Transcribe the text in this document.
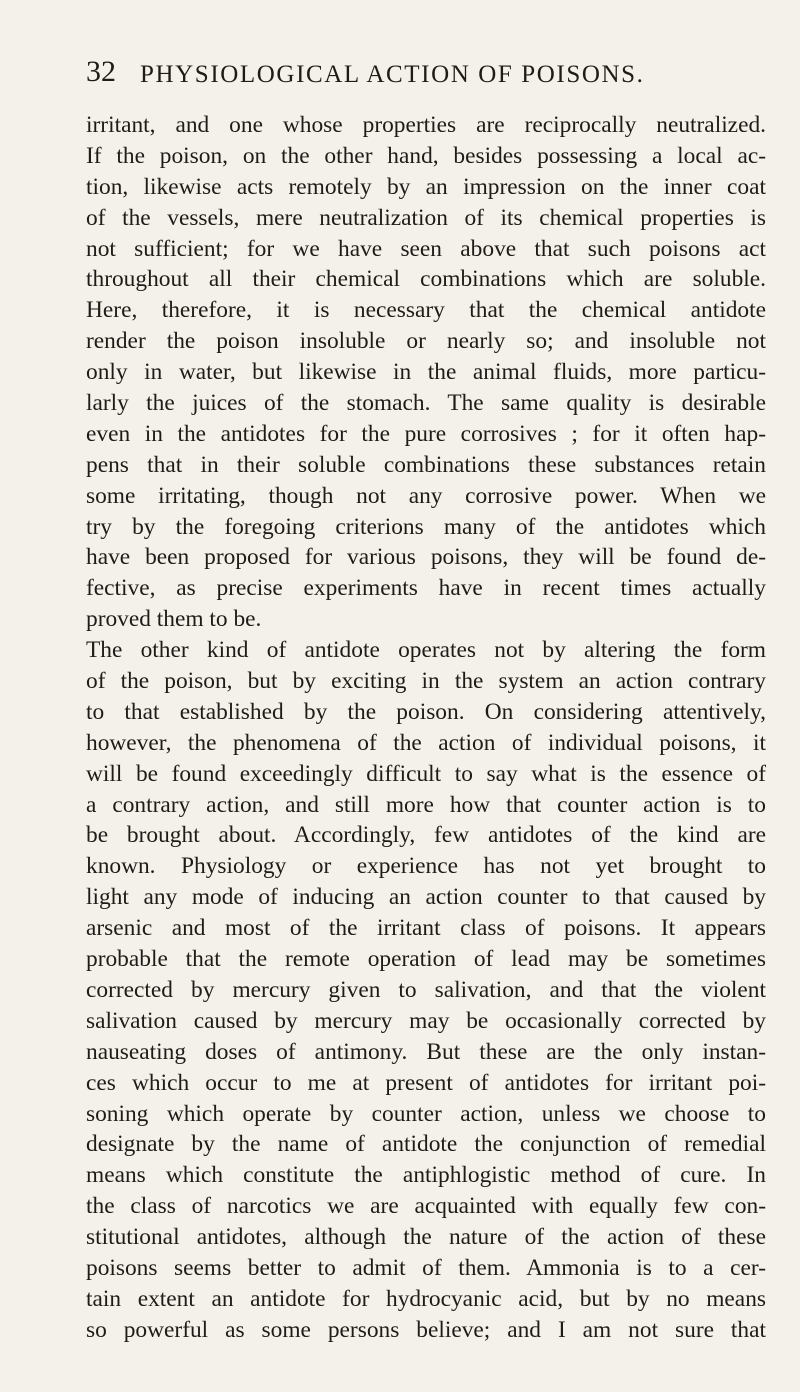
32 PHYSIOLOGICAL ACTION OF POISONS.
irritant, and one whose properties are reciprocally neutralized.
If the poison, on the other hand, besides possessing a local ac-
tion, likewise acts remotely by an impression on the inner coat
of the vessels, mere neutralization of its chemical properties is
not sufficient; for we have seen above that such poisons act
throughout all their chemical combinations which are soluble.
Here, therefore, it is necessary that the chemical antidote
render the poison insoluble or nearly so; and insoluble not
only in water, but likewise in the animal fluids, more particu-
larly the juices of the stomach. The same quality is desirable
even in the antidotes for the pure corrosives ; for it often hap-
pens that in their soluble combinations these substances retain
some irritating, though not any corrosive power. When we
try by the foregoing criterions many of the antidotes which
have been proposed for various poisons, they will be found de-
fective, as precise experiments have in recent times actually
proved them to be.
The other kind of antidote operates not by altering the form
of the poison, but by exciting in the system an action contrary
to that established by the poison. On considering attentively,
however, the phenomena of the action of individual poisons, it
will be found exceedingly difficult to say what is the essence of
a contrary action, and still more how that counter action is to
be brought about. Accordingly, few antidotes of the kind are
known. Physiology or experience has not yet brought to
light any mode of inducing an action counter to that caused by
arsenic and most of the irritant class of poisons. It appears
probable that the remote operation of lead may be sometimes
corrected by mercury given to salivation, and that the violent
salivation caused by mercury may be occasionally corrected by
nauseating doses of antimony. But these are the only instan-
ces which occur to me at present of antidotes for irritant poi-
soning which operate by counter action, unless we choose to
designate by the name of antidote the conjunction of remedial
means which constitute the antiphlogistic method of cure. In
the class of narcotics we are acquainted with equally few con-
stitutional antidotes, although the nature of the action of these
poisons seems better to admit of them. Ammonia is to a cer-
tain extent an antidote for hydrocyanic acid, but by no means
so powerful as some persons believe; and I am not sure that
